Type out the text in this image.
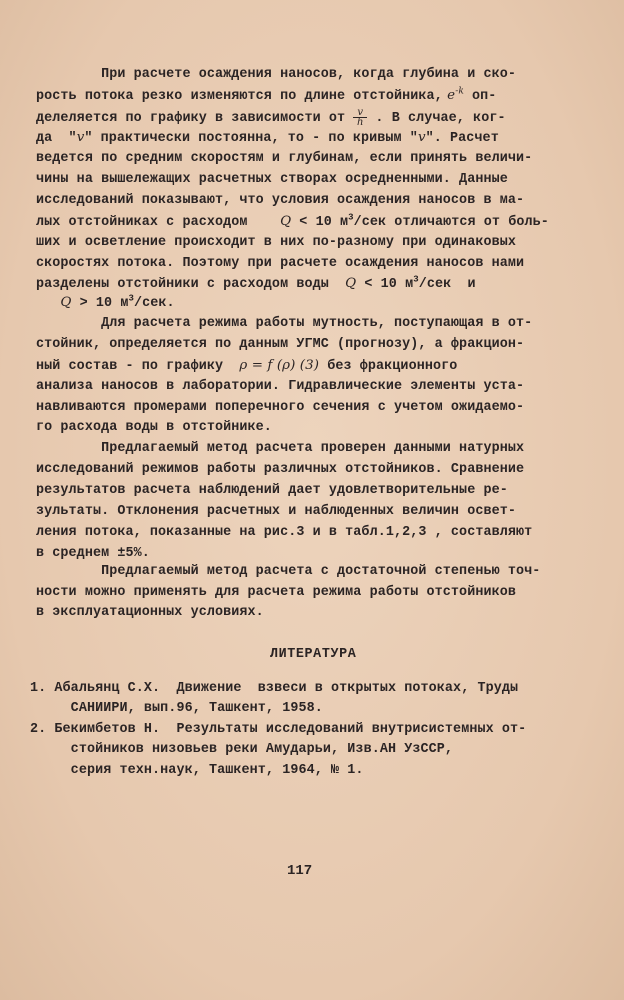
При расчете осаждения наносов, когда глубина и ско-
рость потока резко изменяются по длине отстойника, $e^{-k}$ оп-
делеляется по графику в зависимости от $\frac{v}{h}$ . В случае, ког-
да  "v" практически постоянна, то - по кривым "v". Расчет
ведется по средним скоростям и глубинам, если принять величи-
чины на вышележащих расчетных створах осредненными. Данные
исследований показывают, что условия осаждения наносов в ма-
лых отстойниках с расходом Q < 10 $м^3$/сек отличаются от боль-
ших и осветление происходит в них по-разному при одинаковых
скоростях потока. Поэтому при расчете осаждения наносов нами
разделены отстойники с расходом воды Q < 10 $м^3$/сек  и
Q > 10 $м^3$/сек.
Для расчета режима работы мутность, поступающая в от-
стойник, определяется по данным УГМС (прогнозу), а фракцион-
ный состав - по графику ρ = f (ρ) (3) без фракционного
анализа наносов в лаборатории. Гидравлические элементы уста-
навливаются промерами поперечного сечения с учетом ожидаемо-
го расхода воды в отстойнике.
Предлагаемый метод расчета проверен данными натурных
исследований режимов работы различных отстойников. Сравнение
результатов расчета наблюдений дает удовлетворительные ре-
зультаты. Отклонения расчетных и наблюденных величин освет-
ления потока, показанные на рис.3 и в табл.1,2,3 , составляют
в среднем ±5%.
Предлагаемый метод расчета с достаточной степенью точ-
ности можно применять для расчета режима работы отстойников
в эксплуатационных условиях.
ЛИТЕРАТУРА
1. Абальянц С.Х.  Движение  взвеси в открытых потоках, Труды
САНИИРИ, вып.96, Ташкент, 1958.
2. Бекимбетов Н.  Результаты исследований внутрисистемных от-
стойников низовьев реки Амударьи, Изв.АН УзССР,
серия техн.наук, Ташкент, 1964, № 1.
117
